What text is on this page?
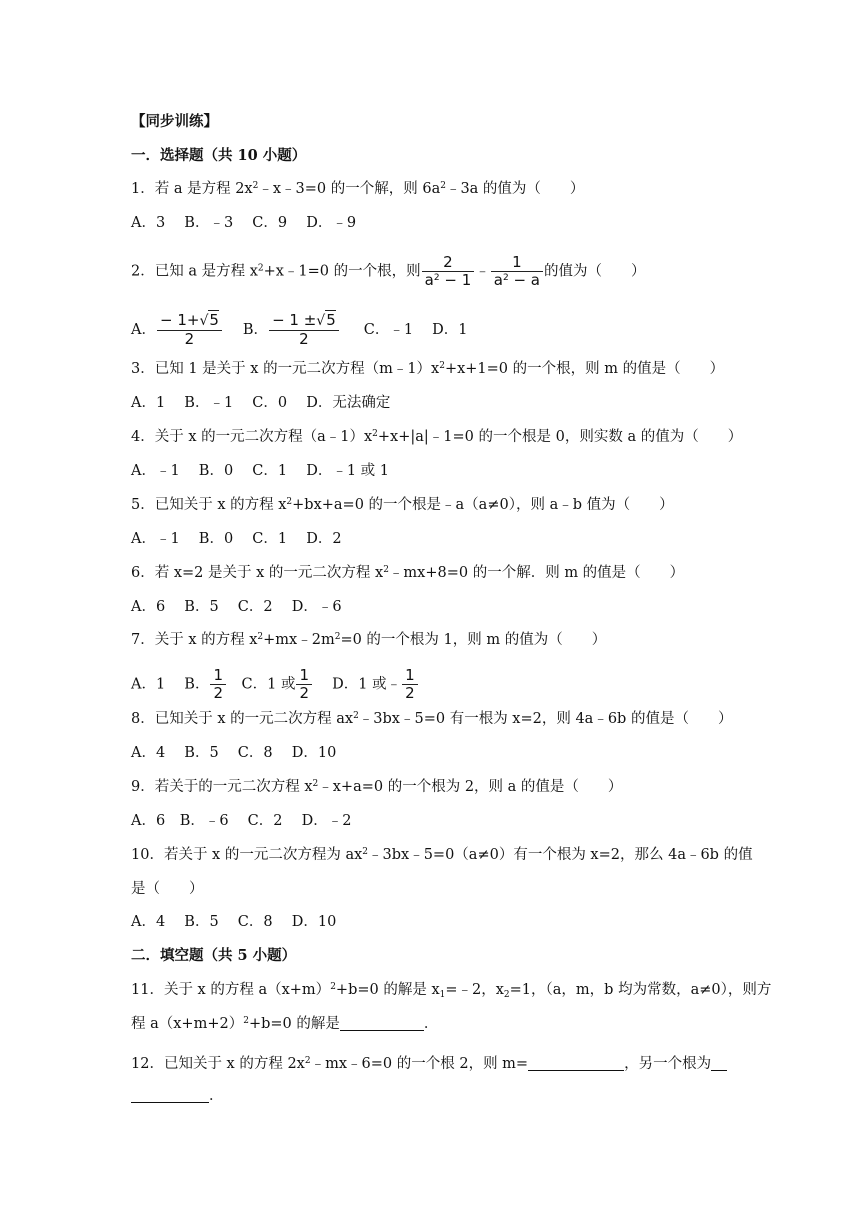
【同步训练】
一．选择题（共 10 小题）
1．若 a 是方程 $2x^2﹣x﹣3=0$ 的一个解，则 $6a^2﹣3a$ 的值为（　　）
A．3　 B．﹣3　 C．9　 D．﹣9
2．已知 a 是方程 $x^2+x﹣1=0$ 的一个根，则 $\frac{2}{a^2 - 1}$ ﹣ $\frac{1}{a^2 - a}$ 的值为（　　）
A． $\frac{- 1+√5}{2}$ B． $\frac{- 1 \pm√5}{2}$ C．﹣1　 D．1
3．已知 1 是关于 x 的一元二次方程$(m﹣1)x^2+x+1=0$ 的一个根，则 m 的值是（　　）
A．1　 B．﹣1　 C．0　 D．无法确定
4．关于 x 的一元二次方程$(a﹣1)x^2+x+|a|﹣1=0$ 的一个根是 0，则实数 a 的值为（　　）
A．﹣1　 B．0　 C．1　 D．﹣1 或 1
5．已知关于 x 的方程 $x^2+bx+a=0$ 的一个根是﹣a（a≠0），则 a﹣b 值为（　　）
A．﹣1　 B．0　 C．1　 D．2
6．若 x=2 是关于 x 的一元二次方程 $x^2﹣mx+8=0$ 的一个解．则 m 的值是（　　）
A．6　 B．5　 C．2　 D．﹣6
7．关于 x 的方程 $x^2+mx﹣2m^2=0$ 的一个根为 1，则 m 的值为（　　）
A．1　 B． $\frac{1}{2}$ 　C．1 或 $\frac{1}{2}$ 　 D．1 或﹣ $\frac{1}{2}$
8．已知关于 x 的一元二次方程 $ax^2﹣3bx﹣5=0$ 有一根为 x=2，则 4a﹣6b 的值是（　　）
A．4　 B．5　 C．8　 D．10
9．若关于的一元二次方程 $x^2﹣x+a=0$ 的一个根为 2，则 a 的值是（　　）
A．6　B．﹣6　 C．2　 D．﹣2
10．若关于 x 的一元二次方程为 $ax^2﹣3bx﹣5=0(a\ne 0)$有一个根为 x=2，那么 4a﹣6b 的值
是（　　）
A．4　 B．5　 C．8　 D．10
二．填空题（共 5 小题）
11．关于 x 的方程 $a(x+m)^2+b=0$ 的解是 $x_1=﹣2$，$x_2=1$，（a，m，b 均为常数，a≠0），则方
程 $a(x+m+2)^2+b=0$ 的解是	．
12．已知关于 x 的方程 $2x^2﹣mx﹣6=0$ 的一个根 2，则 m=	，另一个根为
．
